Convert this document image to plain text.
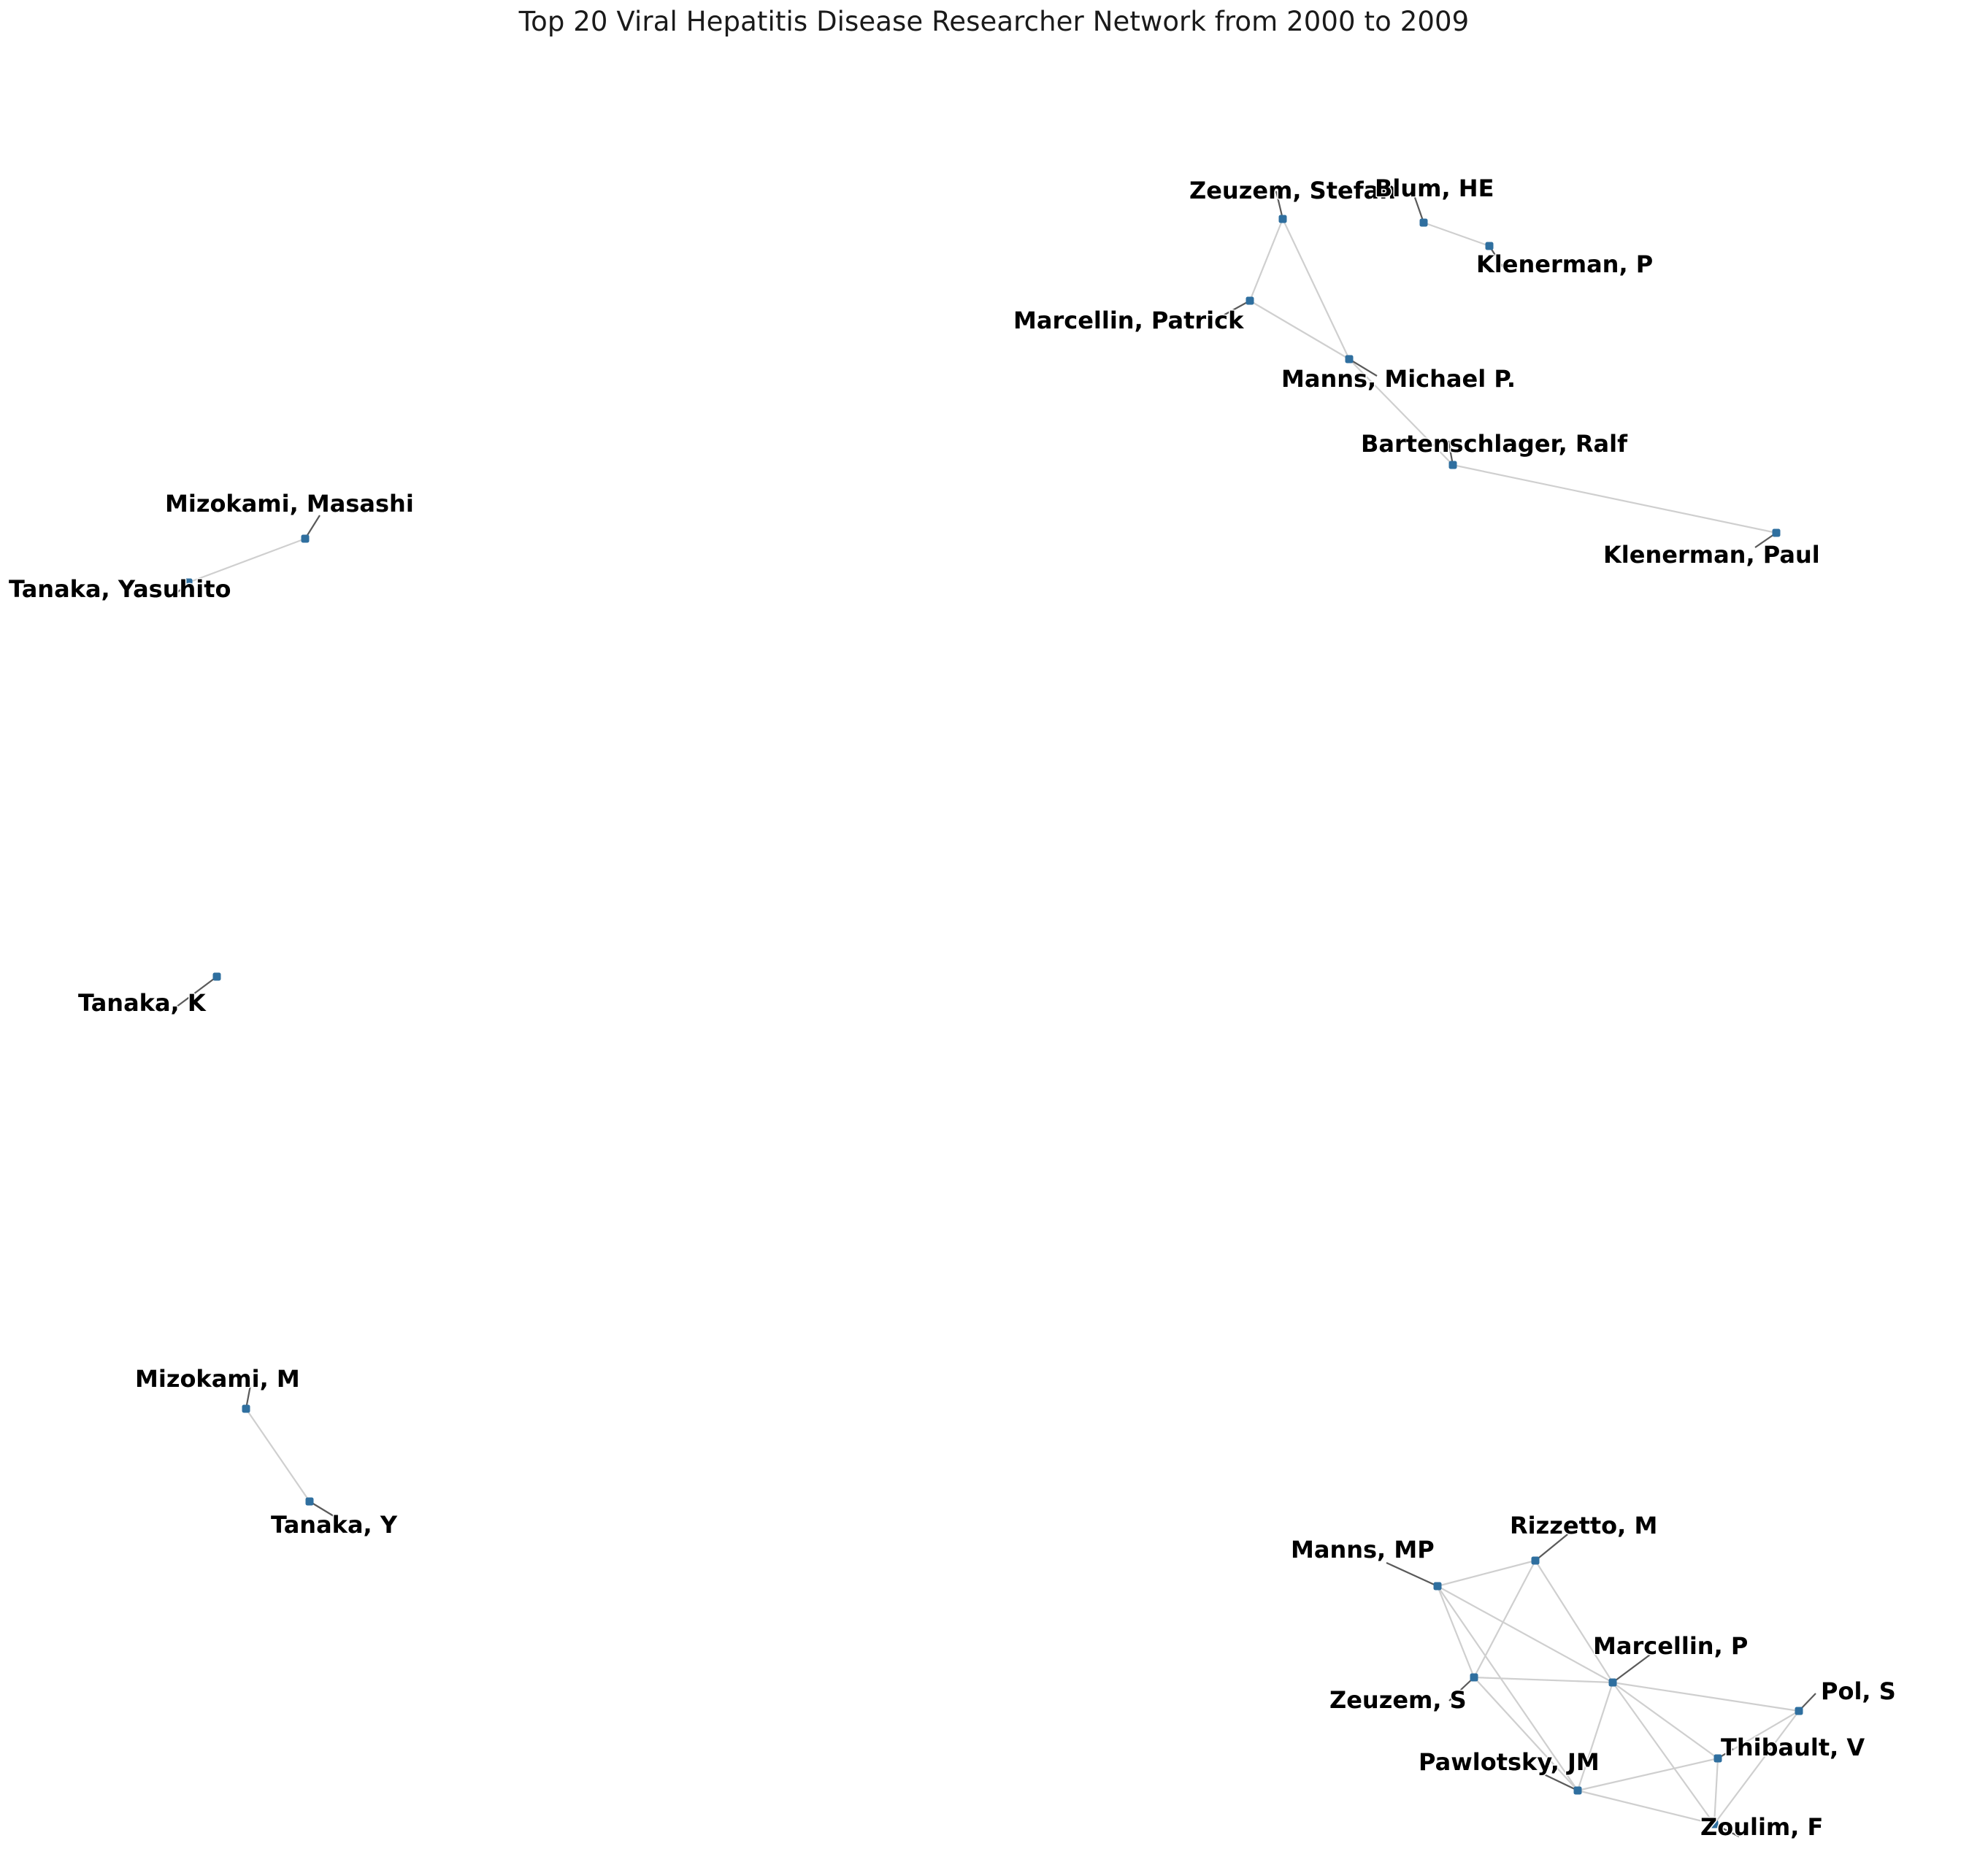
Top 20 Viral Hepatitis Disease Researcher Network from 2000 to 2009
Zeuzem, Stefan
Blum, HE
Klenerman, P
Marcellin, Patrick
Manns, Michael P.
Bartenschlager, Ralf
Klenerman, Paul
Mizokami, Masashi
Tanaka, Yasuhito
Tanaka, K
Mizokami, M
Tanaka, Y	Rizzetto, M
Manns, MP
Zeuzem, S
Marcellin, P
Pol, S
Thibault, V
Pawlotsky, JM
Zoulim, F
